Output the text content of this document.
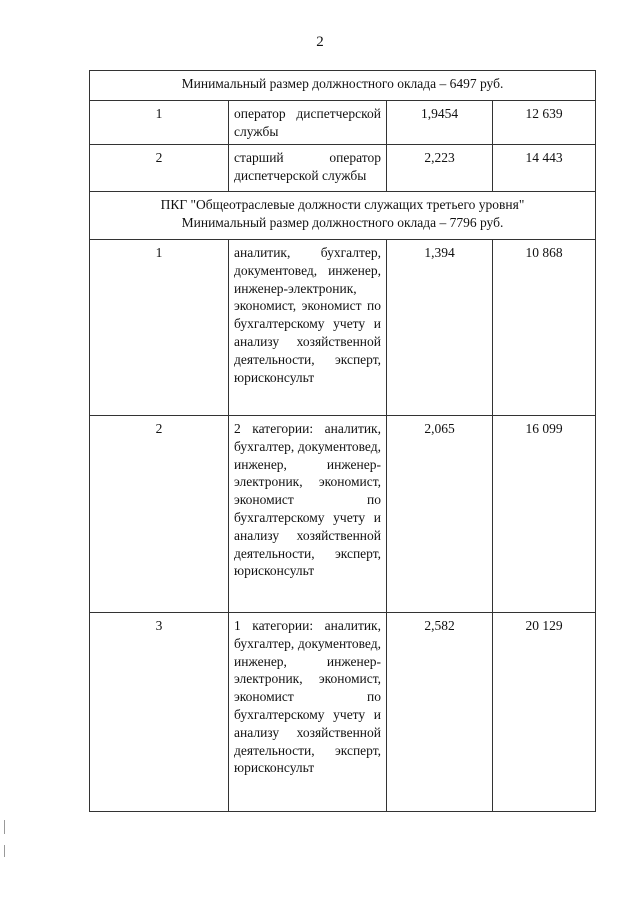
2
Минимальный размер должностного оклада – 6497 руб.			

1	оператор диспетчерской службы	1,9454	12 639
2	старший оператор диспетчерской службы	2,223	14 443

ПКГ "Общеотраслевые должности служащих третьего уровня"
Минимальный размер должностного оклада – 7796 руб.			

1	аналитик, бухгалтер, документовед, инженер, инженер-электроник, экономист, экономист по бухгалтерскому учету и анализу хозяйственной деятельности, эксперт, юрисконсульт	1,394	10 868
2	2 категории: аналитик, бухгалтер, документовед, инженер, инженер-электроник, экономист, экономист по бухгалтерскому учету и анализу хозяйственной деятельности, эксперт, юрисконсульт	2,065	16 099
3	1 категории: аналитик, бухгалтер, документовед, инженер, инженер-электроник, экономист, экономист по бухгалтерскому учету и анализу хозяйственной деятельности, эксперт, юрисконсульт	2,582	20 129
